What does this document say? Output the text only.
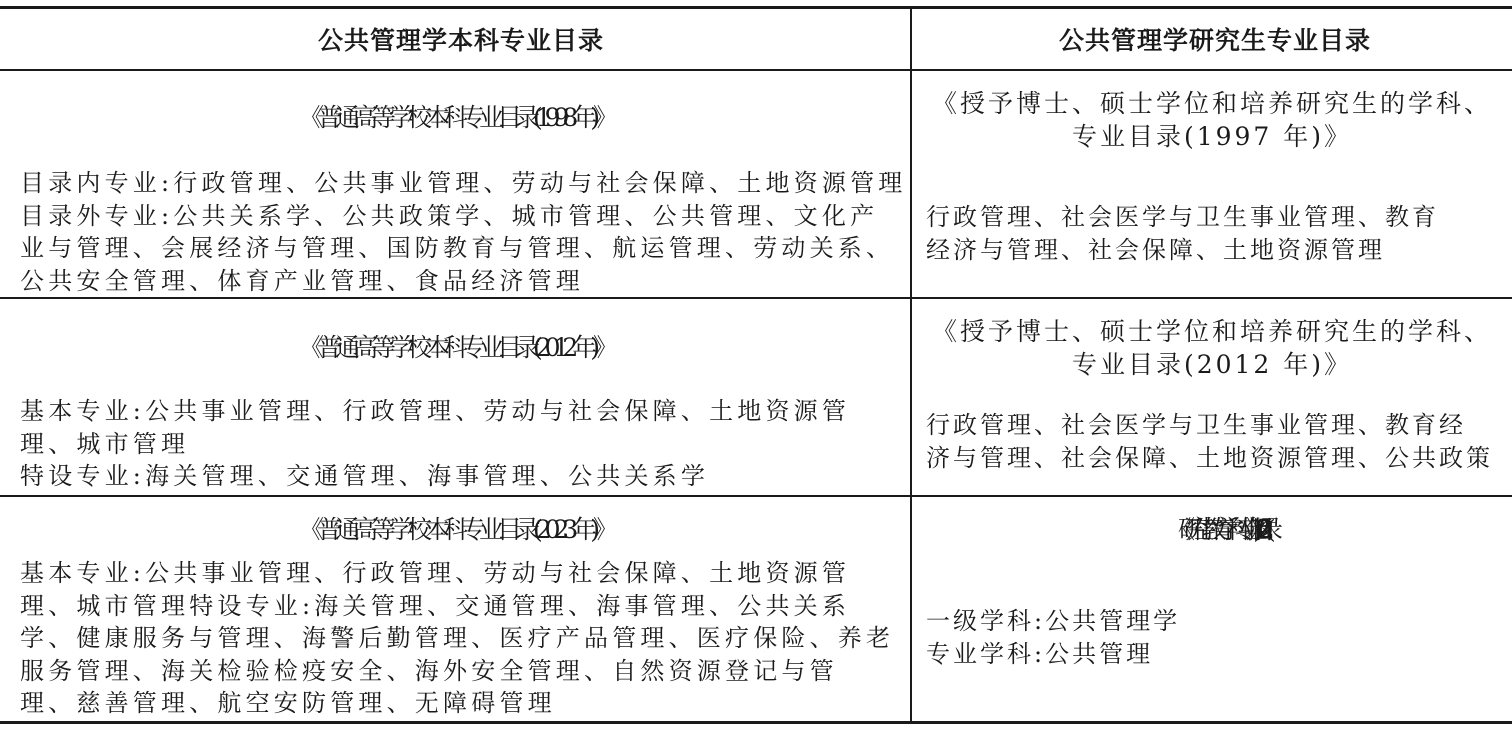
公共管理学本科专业目录	公共管理学研究生专业目录
《普通高等学校本科专业目录(1998 年)》
目录内专业:行政管理、公共事业管理、劳动与社会保障、土地资源管理
目录外专业:公共关系学、公共政策学、城市管理、公共管理、文化产
业与管理、会展经济与管理、国防教育与管理、航运管理、劳动关系、
公共安全管理、体育产业管理、食品经济管理
《授予博士、硕士学位和培养研究生的学科、
专业目录(1997 年)》
行政管理、社会医学与卫生事业管理、教育
经济与管理、社会保障、土地资源管理
《普通高等学校本科专业目录(2012 年)》
基本专业:公共事业管理、行政管理、劳动与社会保障、土地资源管
理、城市管理
特设专业:海关管理、交通管理、海事管理、公共关系学
《授予博士、硕士学位和培养研究生的学科、
专业目录(2012 年)》
行政管理、社会医学与卫生事业管理、教育经
济与管理、社会保障、土地资源管理、公共政策
《普通高等学校本科专业目录(2023 年)》
基本专业:公共事业管理、行政管理、劳动与社会保障、土地资源管
理、城市管理特设专业:海关管理、交通管理、海事管理、公共关系
学、健康服务与管理、海警后勤管理、医疗产品管理、医疗保险、养老
服务管理、海关检验检疫安全、海外安全管理、自然资源登记与管
理、慈善管理、航空安防管理、无障碍管理
《研究生教育学科专业目录(2022 年)》
一级学科:公共管理学
专业学科:公共管理
